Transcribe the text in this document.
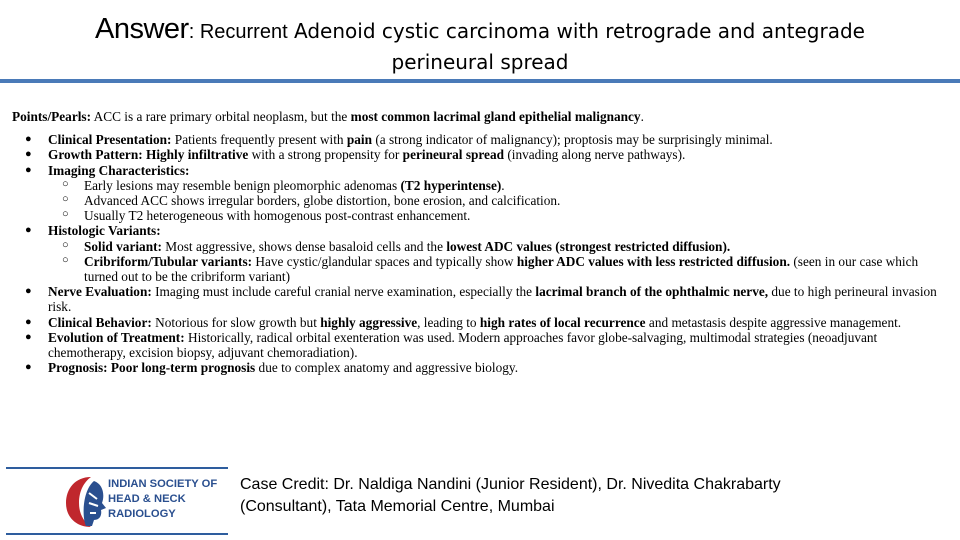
Answer: Recurrent Adenoid cystic carcinoma with retrograde and antegrade
perineural spread
Points/Pearls: ACC is a rare primary orbital neoplasm, but the most common lacrimal gland epithelial malignancy.
● Clinical Presentation: Patients frequently present with pain (a strong indicator of malignancy); proptosis may be surprisingly minimal.
● Growth Pattern: Highly infiltrative with a strong propensity for perineural spread (invading along nerve pathways).
● Imaging Characteristics:
○ Early lesions may resemble benign pleomorphic adenomas (T2 hyperintense).
○ Advanced ACC shows irregular borders, globe distortion, bone erosion, and calcification.
○ Usually T2 heterogeneous with homogenous post-contrast enhancement.
● Histologic Variants:
○ Solid variant: Most aggressive, shows dense basaloid cells and the lowest ADC values (strongest restricted diffusion).
○ Cribriform/Tubular variants: Have cystic/glandular spaces and typically show higher ADC values with less restricted diffusion. (seen in our case which turned out to be the cribriform variant)
● Nerve Evaluation: Imaging must include careful cranial nerve examination, especially the lacrimal branch of the ophthalmic nerve, due to high perineural invasion risk.
● Clinical Behavior: Notorious for slow growth but highly aggressive, leading to high rates of local recurrence and metastasis despite aggressive management.
● Evolution of Treatment: Historically, radical orbital exenteration was used. Modern approaches favor globe-salvaging, multimodal strategies (neoadjuvant chemotherapy, excision biopsy, adjuvant chemoradiation).
● Prognosis: Poor long-term prognosis due to complex anatomy and aggressive biology.
INDIAN SOCIETY OF
HEAD & NECK
RADIOLOGY
Case Credit: Dr. Naldiga Nandini (Junior Resident), Dr. Nivedita Chakrabarty
(Consultant), Tata Memorial Centre, Mumbai
